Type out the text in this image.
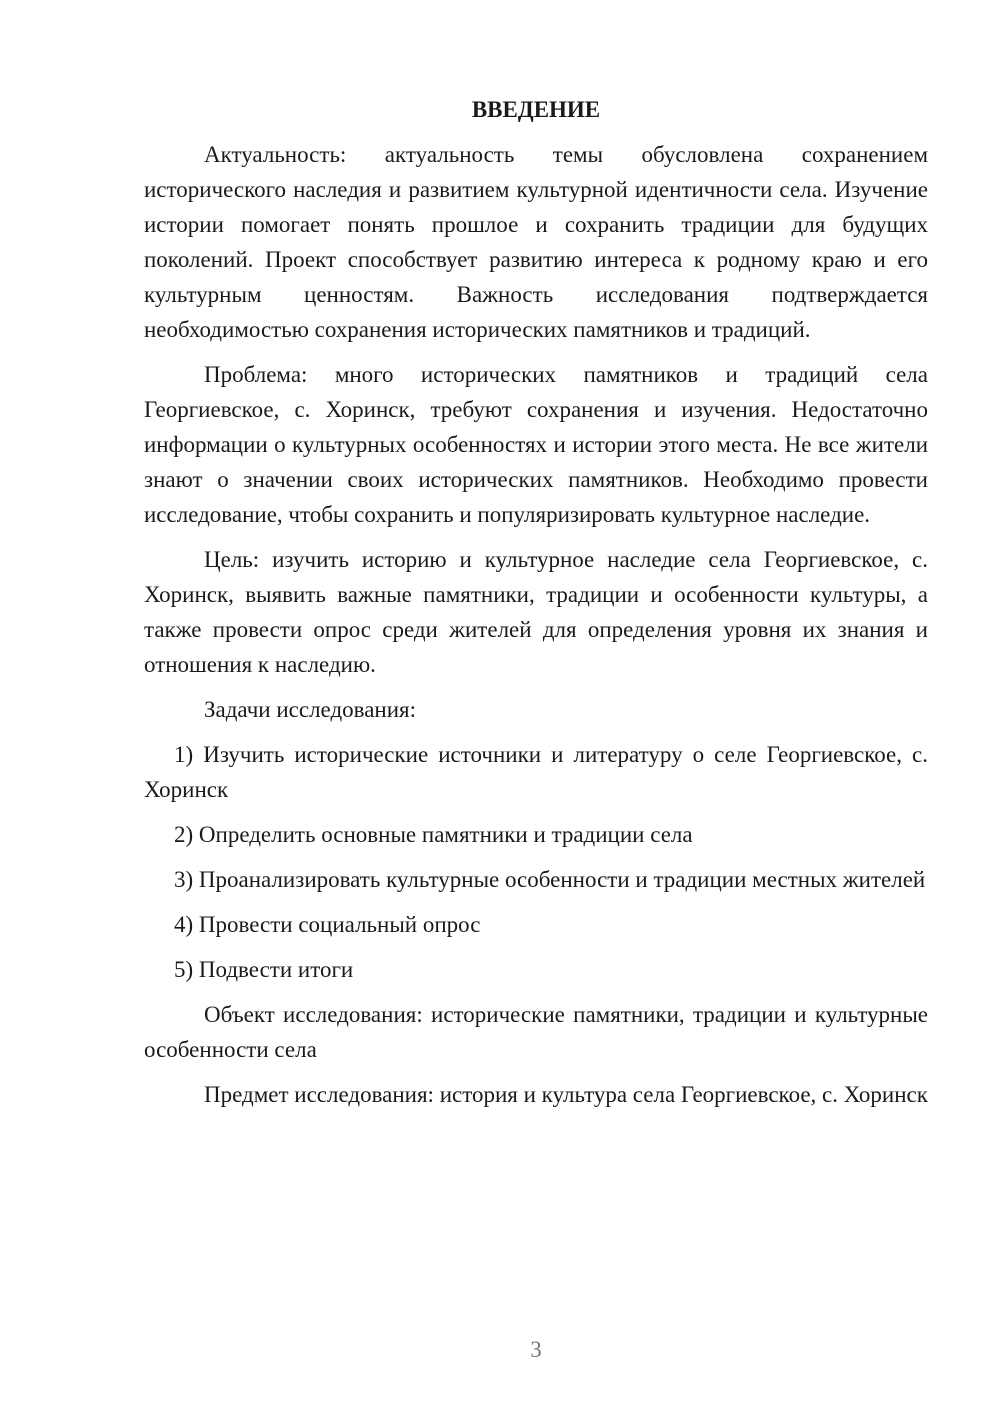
ВВЕДЕНИЕ

Актуальность: актуальность темы обусловлена сохранением исторического наследия и развитием культурной идентичности села. Изучение истории помогает понять прошлое и сохранить традиции для будущих поколений. Проект способствует развитию интереса к родному краю и его культурным ценностям. Важность исследования подтверждается необходимостью сохранения исторических памятников и традиций.

Проблема: много исторических памятников и традиций села Георгиевское, с. Хоринск, требуют сохранения и изучения. Недостаточно информации о культурных особенностях и истории этого места. Не все жители знают о значении своих исторических памятников. Необходимо провести исследование, чтобы сохранить и популяризировать культурное наследие.

Цель: изучить историю и культурное наследие села Георгиевское, с. Хоринск, выявить важные памятники, традиции и особенности культуры, а также провести опрос среди жителей для определения уровня их знания и отношения к наследию.

Задачи исследования:

1) Изучить исторические источники и литературу о селе Георгиевское, с. Хоринск

2) Определить основные памятники и традиции села

3) Проанализировать культурные особенности и традиции местных жителей

4) Провести социальный опрос

5) Подвести итоги

Объект исследования: исторические памятники, традиции и культурные особенности села

Предмет исследования: история и культура села Георгиевское, с. Хоринск

3
